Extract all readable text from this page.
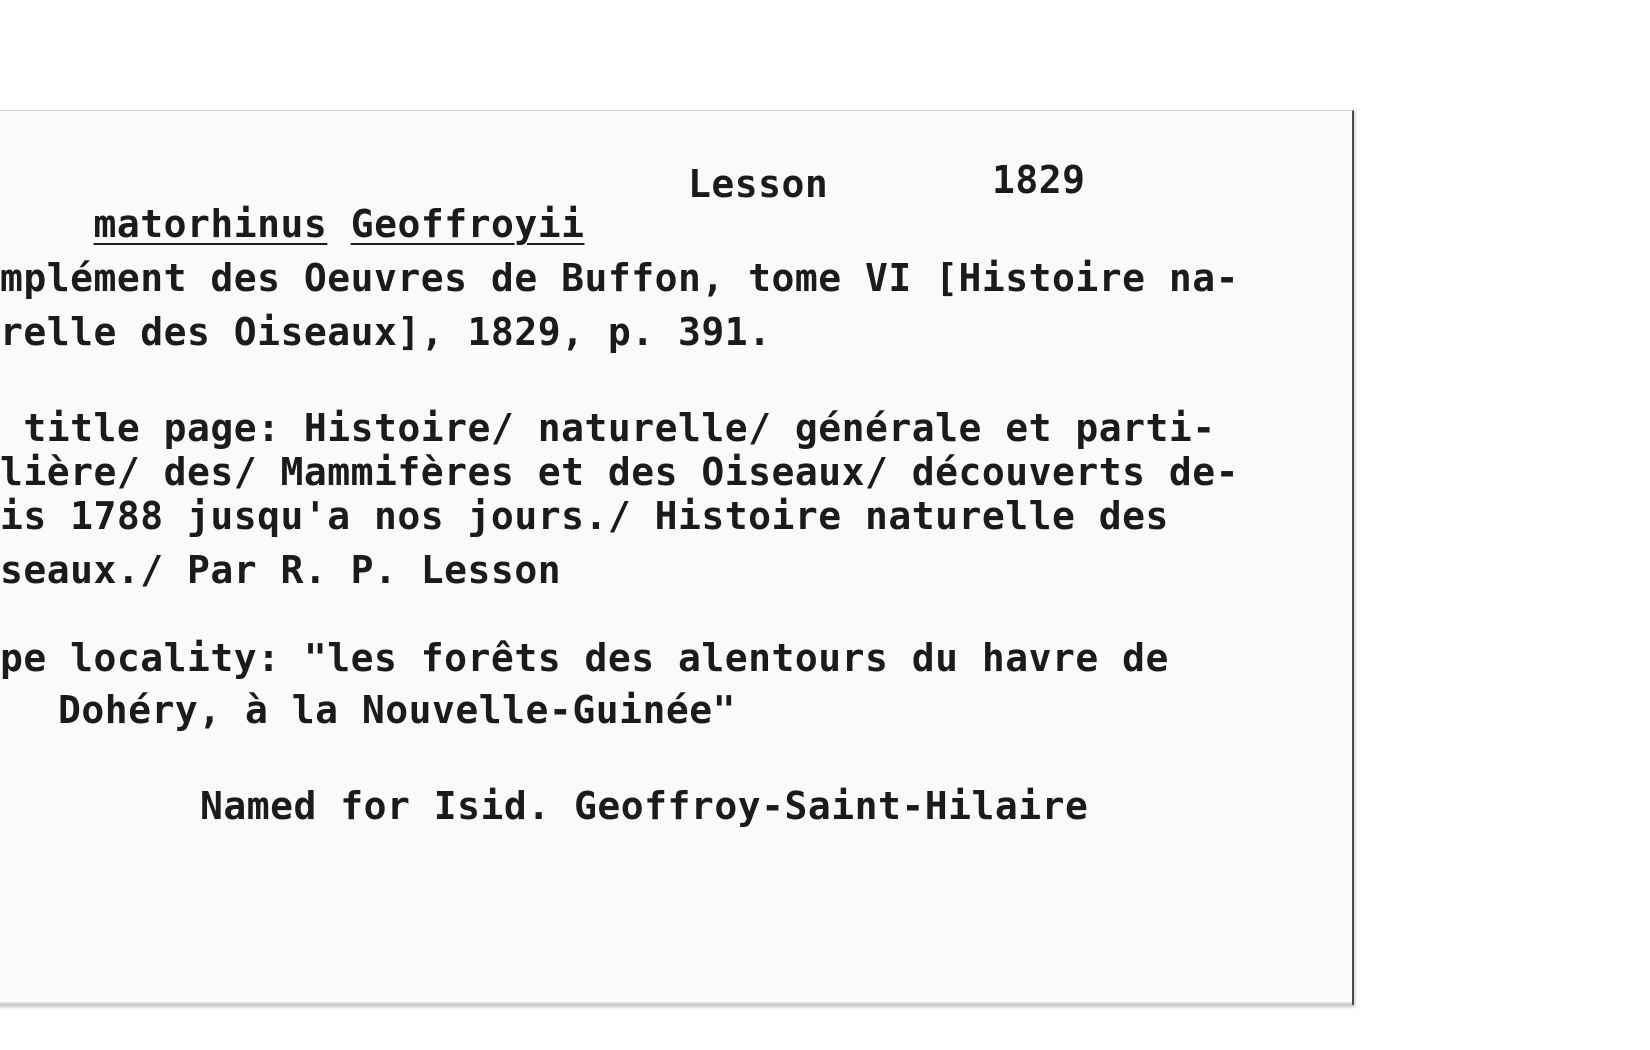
matorhinus Geoffroyii

Lesson	1829
mplément des Oeuvres de Buffon, tome VI [Histoire na-
relle des Oiseaux], 1829, p. 391.
title page: Histoire/ naturelle/ générale et parti-
lière/ des/ Mammifères et des Oiseaux/ découverts de-
is 1788 jusqu'a nos jours./ Histoire naturelle des
seaux./ Par R. P. Lesson
pe locality: "les forêts des alentours du havre de
Dohéry, à la Nouvelle-Guinée"
Named for Isid. Geoffroy-Saint-Hilaire
